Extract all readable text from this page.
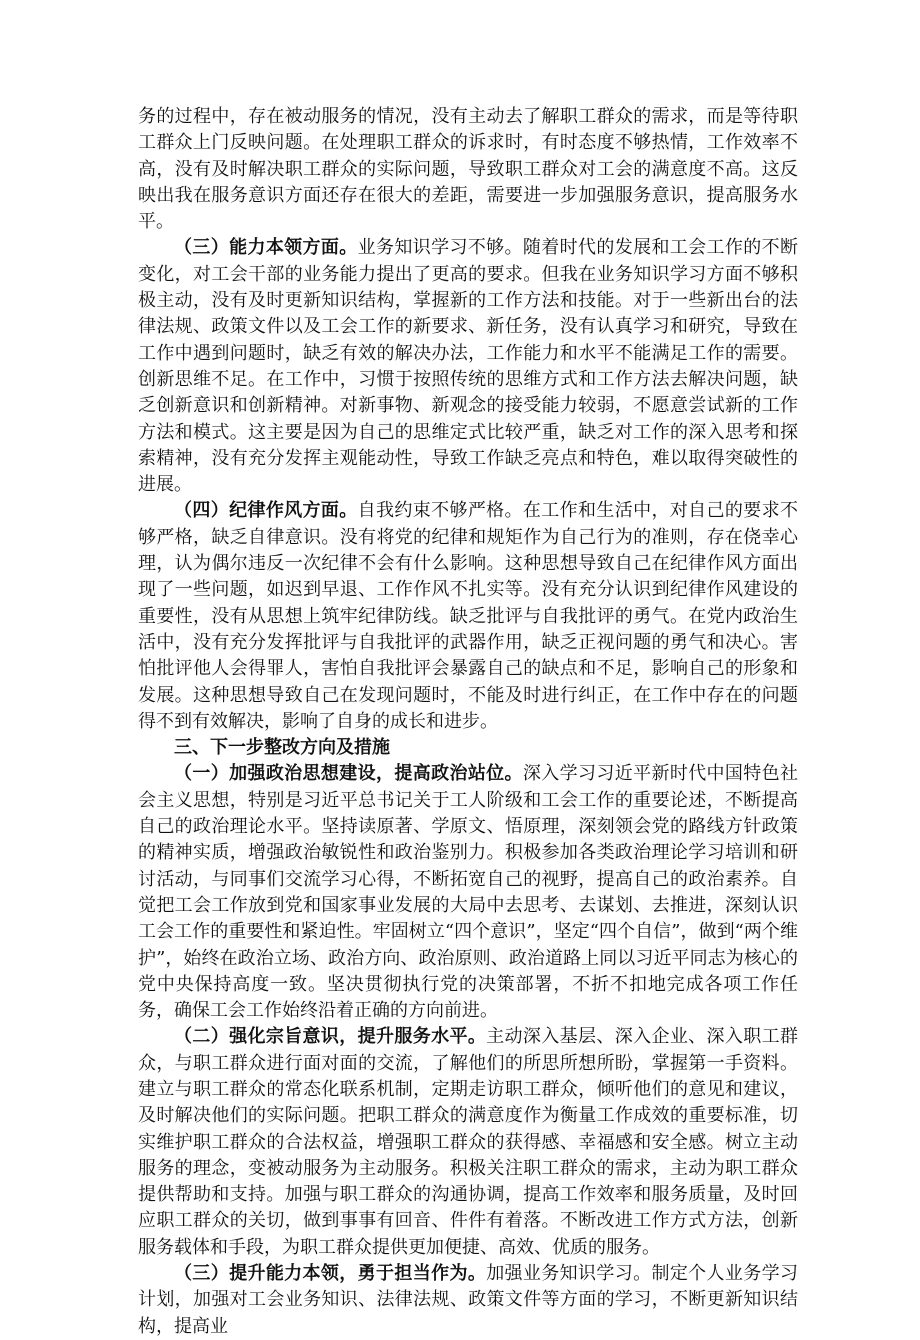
务的过程中，存在被动服务的情况，没有主动去了解职工群众的需求，而是等待职工群众上门反映问题。在处理职工群众的诉求时，有时态度不够热情，工作效率不高，没有及时解决职工群众的实际问题，导致职工群众对工会的满意度不高。这反映出我在服务意识方面还存在很大的差距，需要进一步加强服务意识，提高服务水平。

（三）能力本领方面。业务知识学习不够。随着时代的发展和工会工作的不断变化，对工会干部的业务能力提出了更高的要求。但我在业务知识学习方面不够积极主动，没有及时更新知识结构，掌握新的工作方法和技能。对于一些新出台的法律法规、政策文件以及工会工作的新要求、新任务，没有认真学习和研究，导致在工作中遇到问题时，缺乏有效的解决办法，工作能力和水平不能满足工作的需要。创新思维不足。在工作中，习惯于按照传统的思维方式和工作方法去解决问题，缺乏创新意识和创新精神。对新事物、新观念的接受能力较弱，不愿意尝试新的工作方法和模式。这主要是因为自己的思维定式比较严重，缺乏对工作的深入思考和探索精神，没有充分发挥主观能动性，导致工作缺乏亮点和特色，难以取得突破性的进展。

（四）纪律作风方面。自我约束不够严格。在工作和生活中，对自己的要求不够严格，缺乏自律意识。没有将党的纪律和规矩作为自己行为的准则，存在侥幸心理，认为偶尔违反一次纪律不会有什么影响。这种思想导致自己在纪律作风方面出现了一些问题，如迟到早退、工作作风不扎实等。没有充分认识到纪律作风建设的重要性，没有从思想上筑牢纪律防线。缺乏批评与自我批评的勇气。在党内政治生活中，没有充分发挥批评与自我批评的武器作用，缺乏正视问题的勇气和决心。害怕批评他人会得罪人，害怕自我批评会暴露自己的缺点和不足，影响自己的形象和发展。这种思想导致自己在发现问题时，不能及时进行纠正，在工作中存在的问题得不到有效解决，影响了自身的成长和进步。

三、下一步整改方向及措施

（一）加强政治思想建设，提高政治站位。深入学习习近平新时代中国特色社会主义思想，特别是习近平总书记关于工人阶级和工会工作的重要论述，不断提高自己的政治理论水平。坚持读原著、学原文、悟原理，深刻领会党的路线方针政策的精神实质，增强政治敏锐性和政治鉴别力。积极参加各类政治理论学习培训和研讨活动，与同事们交流学习心得，不断拓宽自己的视野，提高自己的政治素养。自觉把工会工作放到党和国家事业发展的大局中去思考、去谋划、去推进，深刻认识工会工作的重要性和紧迫性。牢固树立“四个意识”，坚定“四个自信”，做到“两个维护”，始终在政治立场、政治方向、政治原则、政治道路上同以习近平同志为核心的党中央保持高度一致。坚决贯彻执行党的决策部署，不折不扣地完成各项工作任务，确保工会工作始终沿着正确的方向前进。

（二）强化宗旨意识，提升服务水平。主动深入基层、深入企业、深入职工群众，与职工群众进行面对面的交流，了解他们的所思所想所盼，掌握第一手资料。建立与职工群众的常态化联系机制，定期走访职工群众，倾听他们的意见和建议，及时解决他们的实际问题。把职工群众的满意度作为衡量工作成效的重要标准，切实维护职工群众的合法权益，增强职工群众的获得感、幸福感和安全感。树立主动服务的理念，变被动服务为主动服务。积极关注职工群众的需求，主动为职工群众提供帮助和支持。加强与职工群众的沟通协调，提高工作效率和服务质量，及时回应职工群众的关切，做到事事有回音、件件有着落。不断改进工作方式方法，创新服务载体和手段，为职工群众提供更加便捷、高效、优质的服务。

（三）提升能力本领，勇于担当作为。加强业务知识学习。制定个人业务学习计划，加强对工会业务知识、法律法规、政策文件等方面的学习，不断更新知识结构，提高业
